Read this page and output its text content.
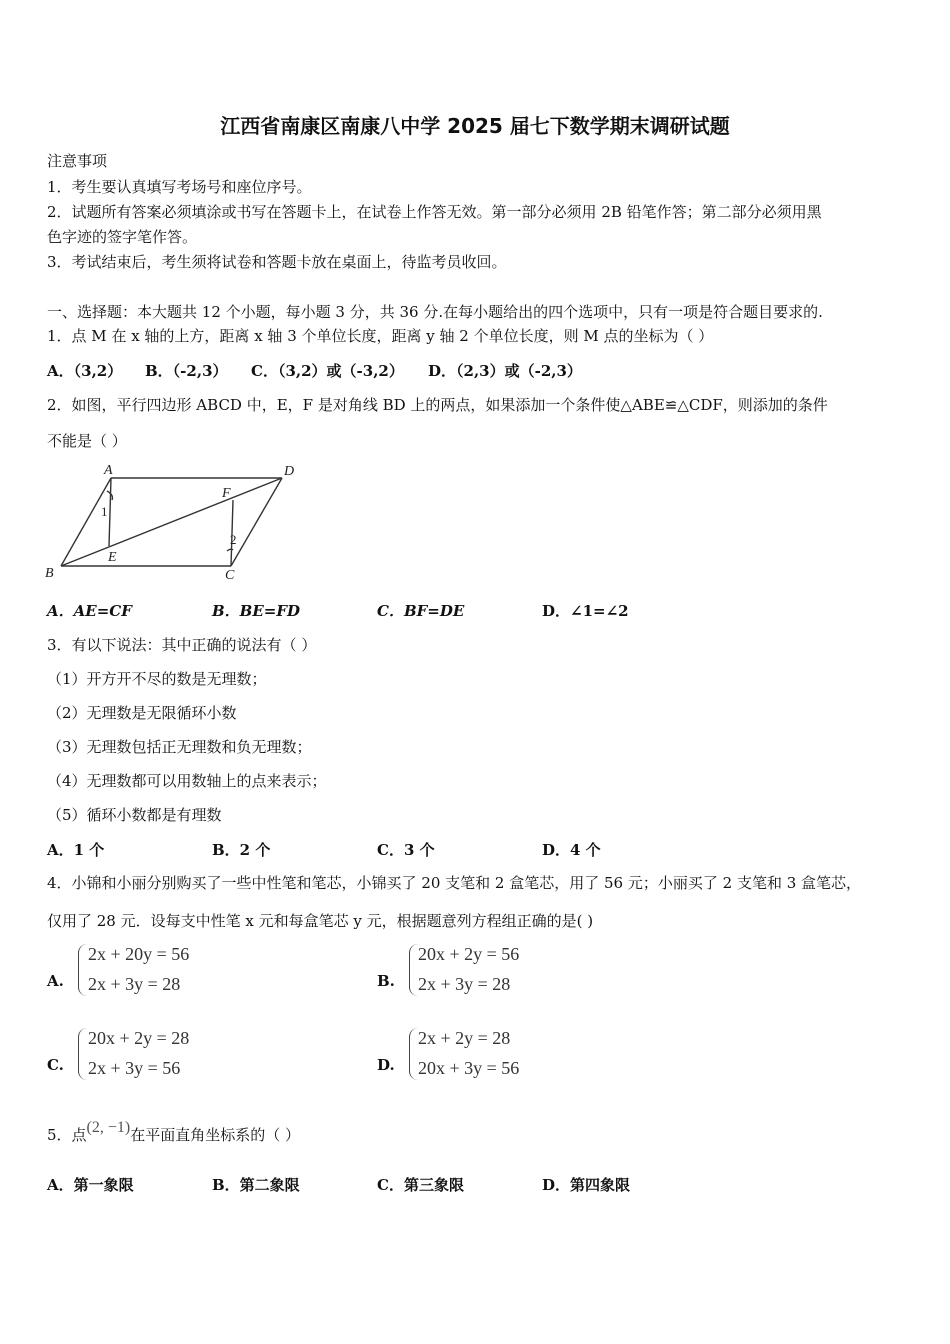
江西省南康区南康八中学 2025 届七下数学期末调研试题
注意事项
1．考生要认真填写考场号和座位序号。
2．试题所有答案必须填涂或书写在答题卡上，在试卷上作答无效。第一部分必须用 2B 铅笔作答；第二部分必须用黑
色字迹的签字笔作答。
3．考试结束后，考生须将试卷和答题卡放在桌面上，待监考员收回。
一、选择题：本大题共 12 个小题，每小题 3 分，共 36 分.在每小题给出的四个选项中，只有一项是符合题目要求的.
1．点 M 在 x 轴的上方，距离 x 轴 3 个单位长度，距离 y 轴 2 个单位长度，则 M 点的坐标为（ ）
A．（3,2） B．（-2,3） C．（3,2）或（-3,2） D．（2,3）或（-2,3）
2．如图，平行四边形 ABCD 中，E，F 是对角线 BD 上的两点，如果添加一个条件使△ABE≌△CDF，则添加的条件
不能是（ ）
A	D
B	C
E
F
1
2
A．AE=CF	B．BE=FD	C．BF=DE	D．∠1=∠2
3．有以下说法：其中正确的说法有（ ）
（1）开方开不尽的数是无理数；
（2）无理数是无限循环小数
（3）无理数包括正无理数和负无理数；
（4）无理数都可以用数轴上的点来表示；
（5）循环小数都是有理数
A．1 个	B．2 个	C．3 个	D．4 个
4．小锦和小丽分别购买了一些中性笔和笔芯，小锦买了 20 支笔和 2 盒笔芯，用了 56 元；小丽买了 2 支笔和 3 盒笔芯，
仅用了 28 元．设每支中性笔 x 元和每盒笔芯 y 元，根据题意列方程组正确的是( )
A.
2x + 20y = 56
2x + 3y = 28	B.
20x + 2y = 56
2x + 3y = 28
C.
20x + 2y = 28
2x + 3y = 56	D.
2x + 2y = 28
20x + 3y = 56
5．点(2, −1)在平面直角坐标系的（ ）
A．第一象限	B．第二象限	C．第三象限	D．第四象限
